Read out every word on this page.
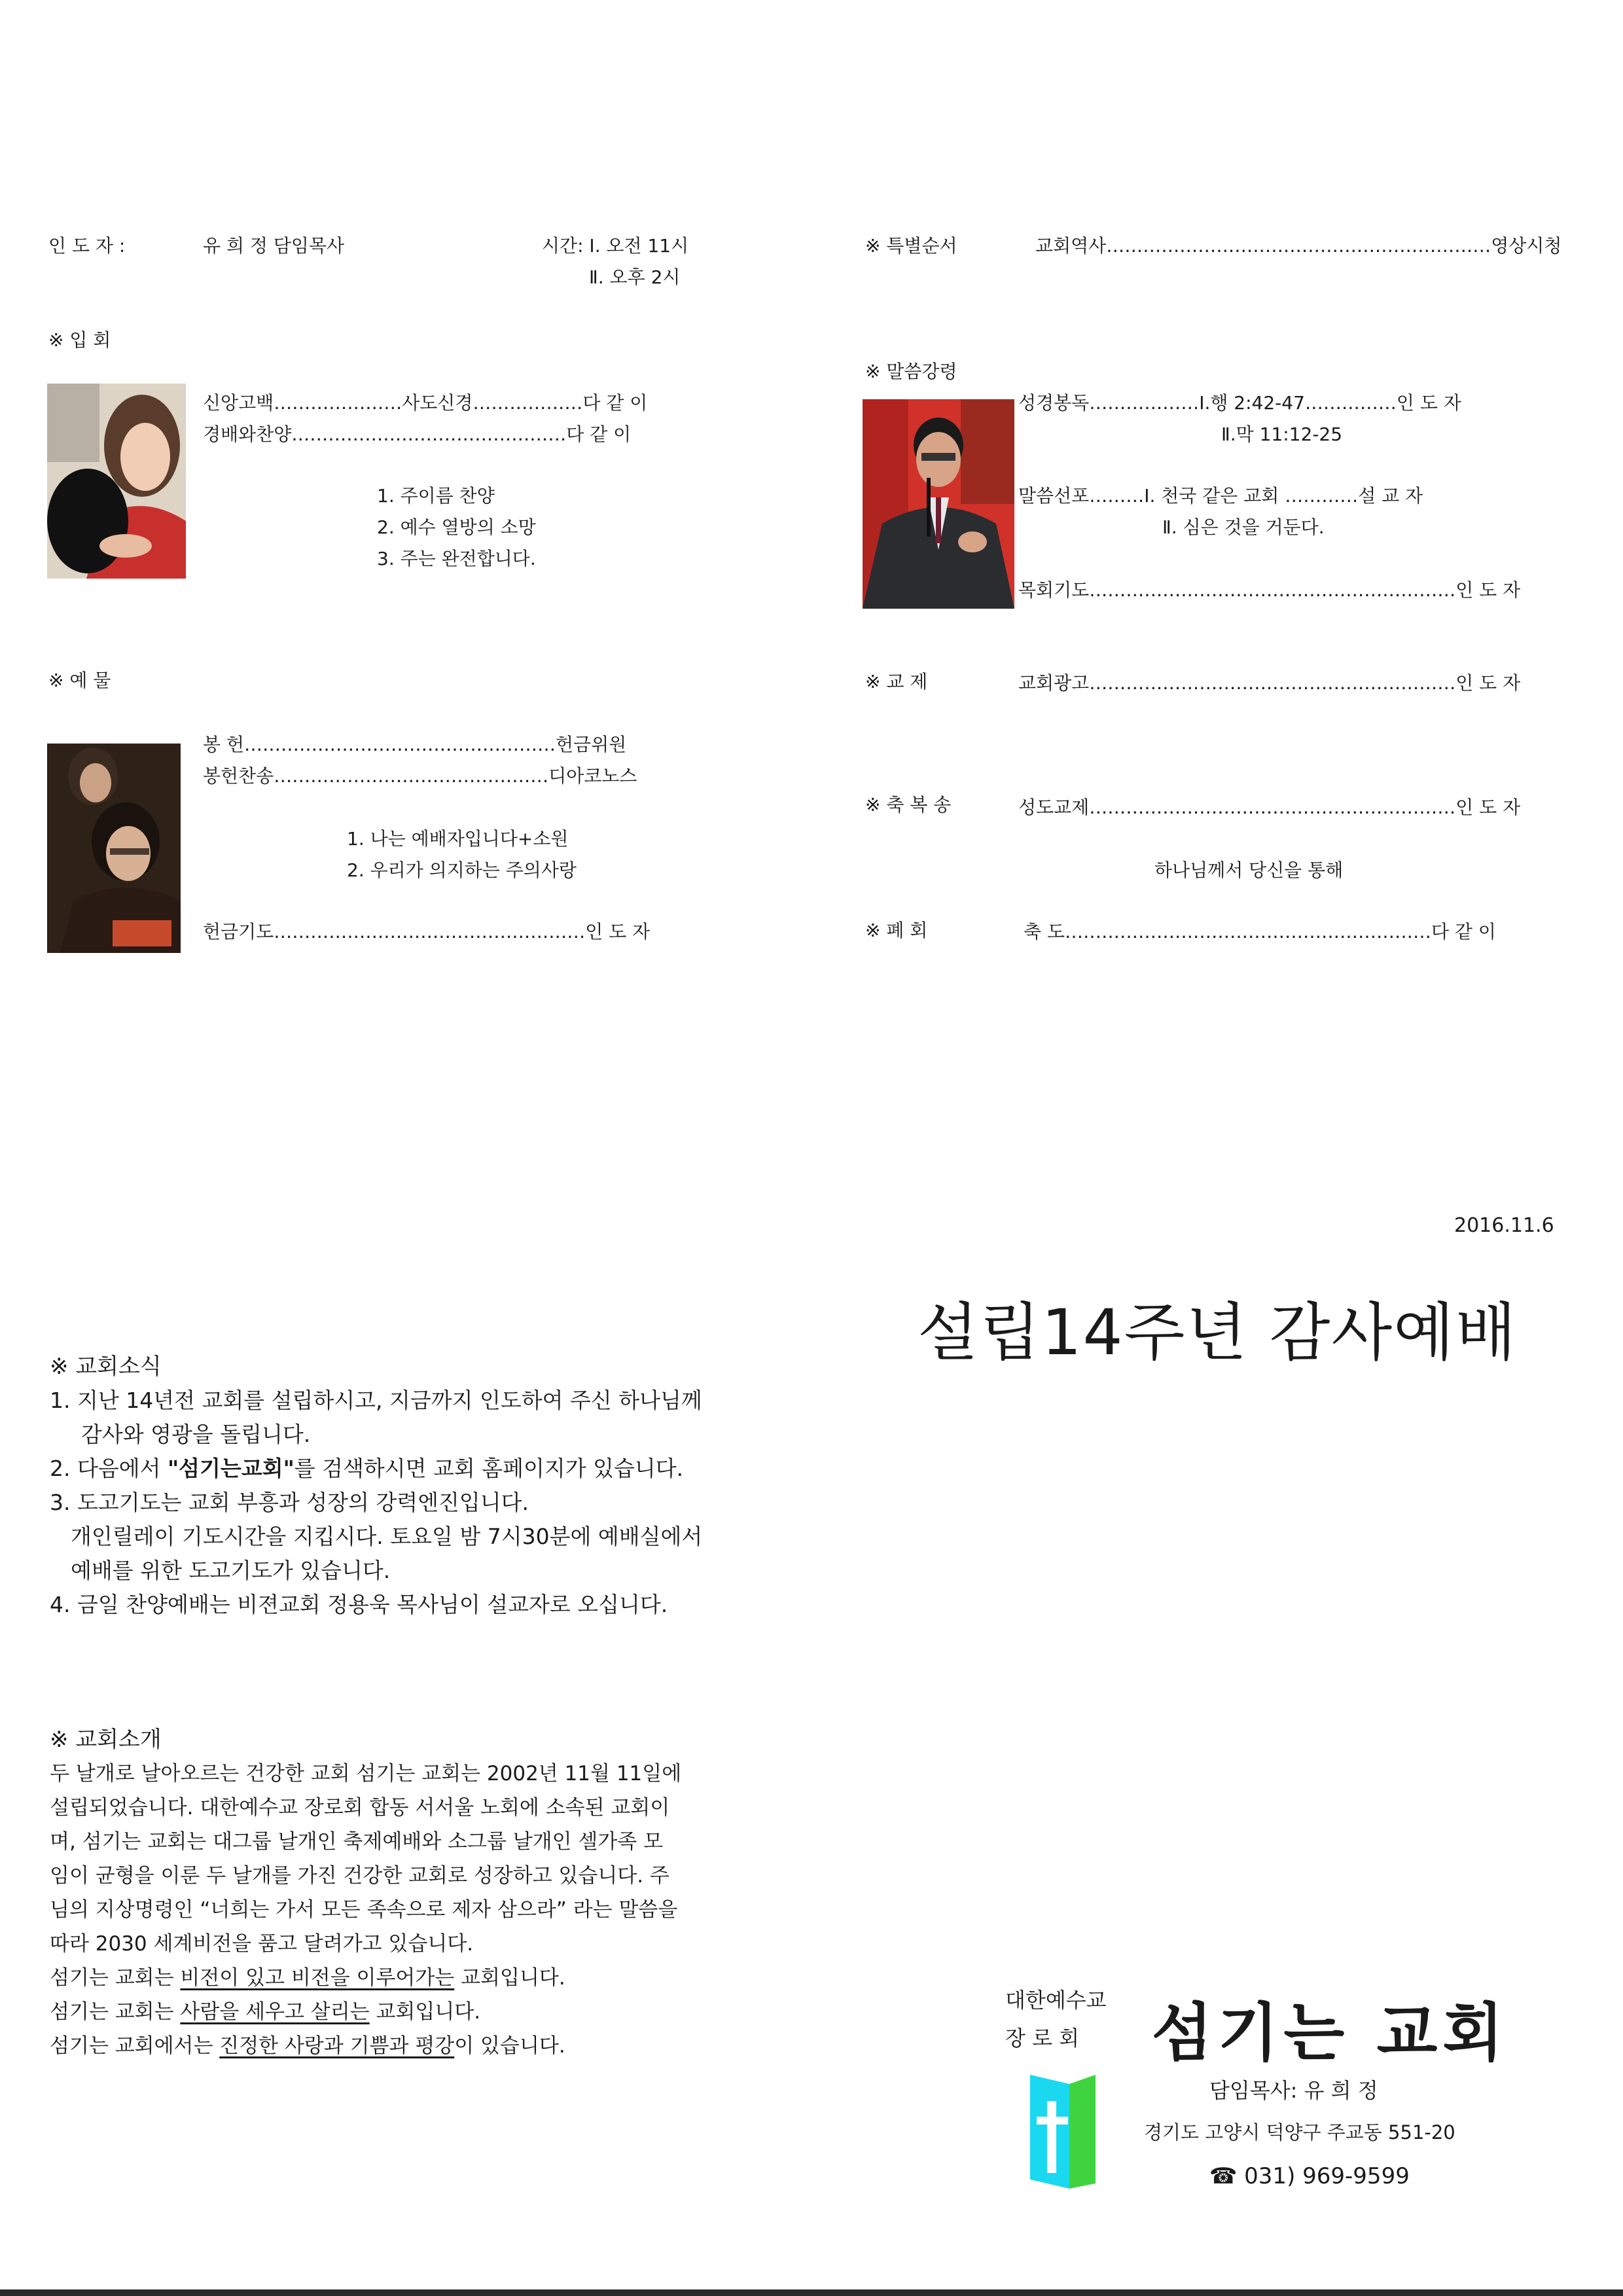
인 도 자 :	유 희 정 담임목사	시간: Ⅰ. 오전 11시
Ⅱ. 오후 2시
※ 입 회
신앙고백…………………사도신경………………다 같 이
경배와찬양………………………………………다 같 이
1. 주이름 찬양
2. 예수 열방의 소망
3. 주는 완전합니다.
※ 예 물
봉 헌……………………………………………헌금위원
봉헌찬송………………………………………디아코노스
1. 나는 예배자입니다+소원
2. 우리가 의지하는 주의사랑
헌금기도……………………………………………인 도 자
※ 특별순서	교회역사………………………………………………………영상시청
※ 말씀강령
성경봉독………………Ⅰ.행 2:42-47……………인 도 자
Ⅱ.막 11:12-25
말씀선포………Ⅰ. 천국 같은 교회 …………설 교 자
Ⅱ. 심은 것을 거둔다.
목회기도……………………………………………………인 도 자
※ 교 제	교회광고……………………………………………………인 도 자
※ 축 복 송	성도교제……………………………………………………인 도 자
하나님께서 당신을 통해
※ 폐 회	축 도……………………………………………………다 같 이
2016.11.6
설립14주년 감사예배
※ 교회소식
1. 지난 14년전 교회를 설립하시고, 지금까지 인도하여 주신 하나님께
감사와 영광을 돌립니다.
2. 다음에서 "섬기는교회"를 검색하시면 교회 홈페이지가 있습니다.
3. 도고기도는 교회 부흥과 성장의 강력엔진입니다.
개인릴레이 기도시간을 지킵시다. 토요일 밤 7시30분에 예배실에서
예배를 위한 도고기도가 있습니다.
4. 금일 찬양예배는 비젼교회 정용욱 목사님이 설교자로 오십니다.
※ 교회소개
두 날개로 날아오르는 건강한 교회 섬기는 교회는 2002년 11월 11일에
설립되었습니다. 대한예수교 장로회 합동 서서울 노회에 소속된 교회이
며, 섬기는 교회는 대그룹 날개인 축제예배와 소그룹 날개인 셀가족 모
임이 균형을 이룬 두 날개를 가진 건강한 교회로 성장하고 있습니다. 주
님의 지상명령인 “너희는 가서 모든 족속으로 제자 삼으라” 라는 말씀을
따라 2030 세계비전을 품고 달려가고 있습니다.
섬기는 교회는 비전이 있고 비전을 이루어가는 교회입니다.
섬기는 교회는 사람을 세우고 살리는 교회입니다.
섬기는 교회에서는 진정한 사랑과 기쁨과 평강이 있습니다.
대한예수교
장 로 회 섬기는 교회
담임목사: 유 희 정
경기도 고양시 덕양구 주교동 551-20
☎ 031) 969-9599
